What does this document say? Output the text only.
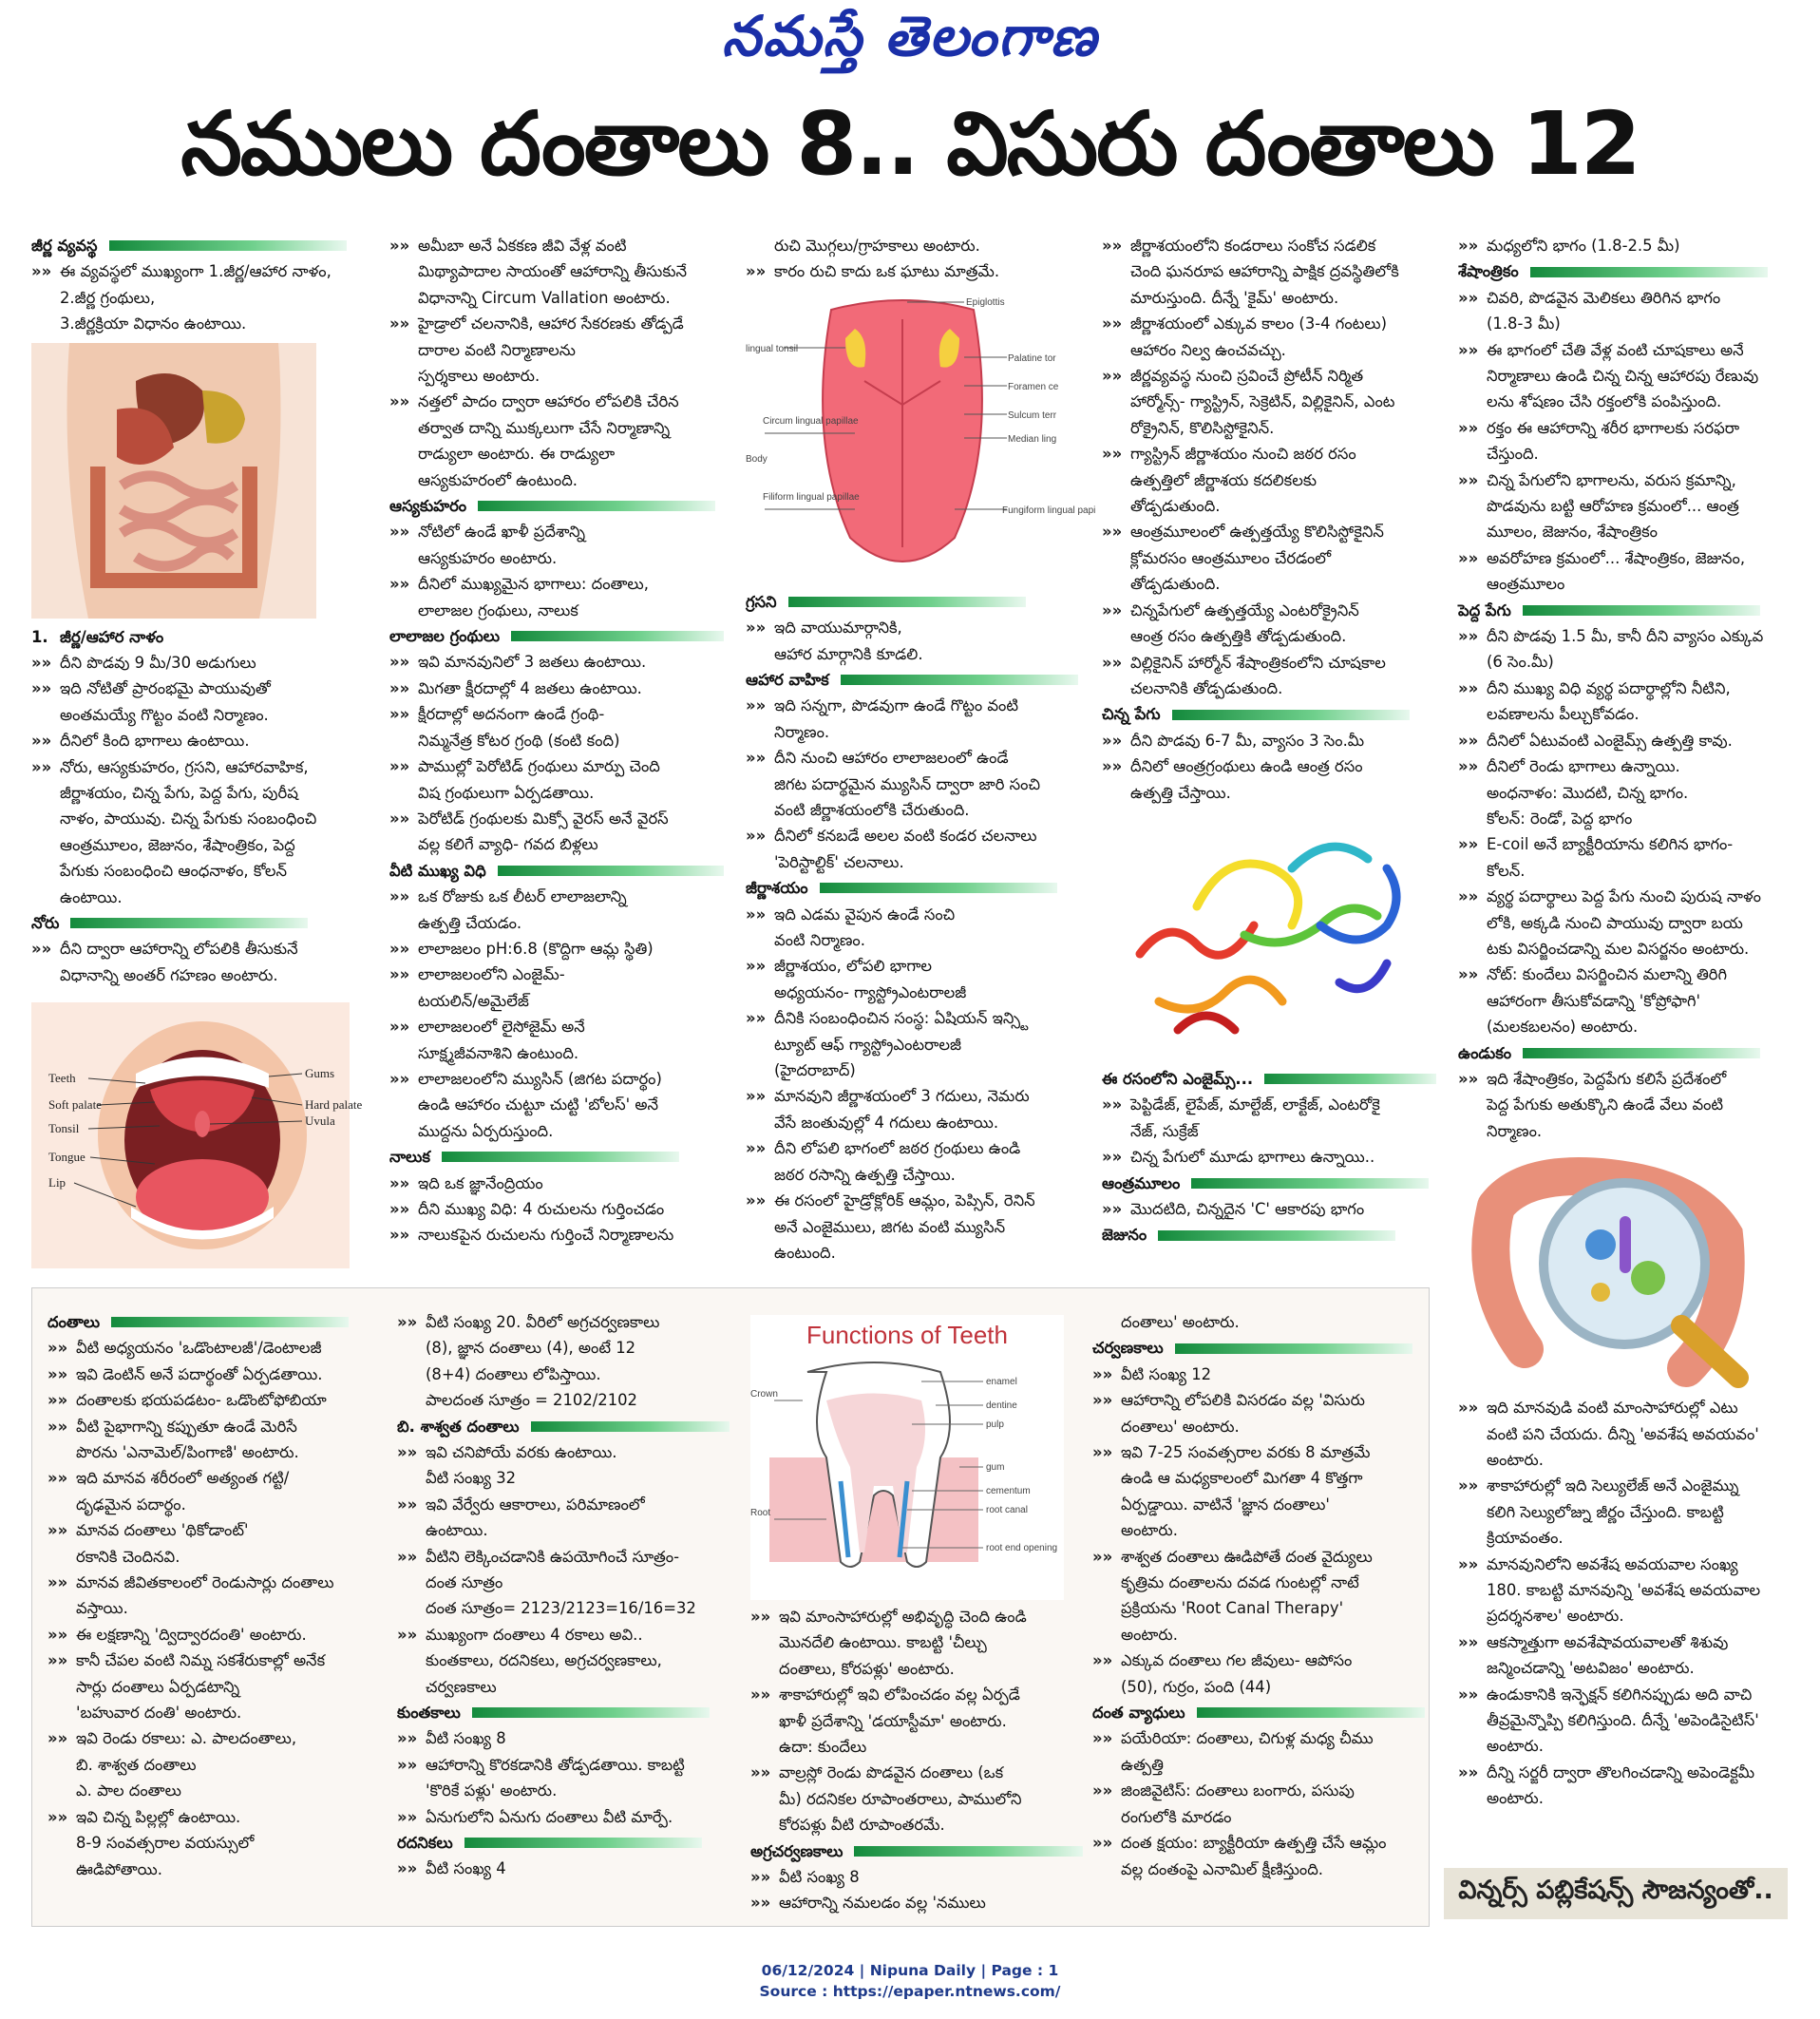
నమస్తే తెలంగాణ
నములు దంతాలు 8.. విసురు దంతాలు 12

జీర్ణ వ్యవస్థ

»» ఈ వ్యవస్థలో ముఖ్యంగా 1.జీర్ణ/ఆహార నాళం,

2.జీర్ణ గ్రంథులు,

3.జీర్ణక్రియా విధానం ఉంటాయి.

1. జీర్ణ/ఆహార నాళం

»» దీని పొడవు 9 మీ/30 అడుగులు

»» ఇది నోటితో ప్రారంభమై పాయువుతో

అంతమయ్యే గొట్టం వంటి నిర్మాణం.

»» దీనిలో కింది భాగాలు ఉంటాయి.

»» నోరు, ఆస్యకుహరం, గ్రసని, ఆహారవాహిక,

జీర్ణాశయం, చిన్న పేగు, పెద్ద పేగు, పురీష

నాళం, పాయువు. చిన్న పేగుకు సంబంధించి

ఆంత్రమూలం, జెజునం, శేషాంత్రికం, పెద్ద

పేగుకు సంబంధించి ఆంధనాళం, కోలన్

ఉంటాయి.

నోరు

»» దీని ద్వారా ఆహారాన్ని లోపలికి తీసుకునే

విధానాన్ని అంతర్ గహణం అంటారు.

»» అమీబా అనే ఏకకణ జీవి వేళ్ల వంటి

మిథ్యాపాదాల సాయంతో ఆహారాన్ని తీసుకునే

విధానాన్ని Circum Vallation అంటారు.

»» హైడ్రాలో చలనానికి, ఆహార సేకరణకు తోడ్పడే

దారాల వంటి నిర్మాణాలను

స్పర్శకాలు అంటారు.

»» నత్తలో పాదం ద్వారా ఆహారం లోపలికి చేరిన

తర్వాత దాన్ని ముక్కలుగా చేసే నిర్మాణాన్ని

రాడ్యులా అంటారు. ఈ రాడ్యులా

ఆస్యకుహరంలో ఉంటుంది.

ఆస్యకుహరం

»» నోటిలో ఉండే ఖాళీ ప్రదేశాన్ని

ఆస్యకుహరం అంటారు.

»» దీనిలో ముఖ్యమైన భాగాలు: దంతాలు,

లాలాజల గ్రంథులు, నాలుక

లాలాజల గ్రంథులు

»» ఇవి మానవునిలో 3 జతలు ఉంటాయి.

»» మిగతా క్షీరదాల్లో 4 జతలు ఉంటాయి.

»» క్షీరదాల్లో అదనంగా ఉండే గ్రంథి-

నిమ్మనేత్ర కోటర గ్రంథి (కంటి కంది)

»» పాముల్లో పెరోటిడ్ గ్రంథులు మార్పు చెంది

విష గ్రంథులుగా ఏర్పడతాయి.

»» పెరోటిడ్ గ్రంథులకు మిక్సో వైరస్ అనే వైరస్

వల్ల కలిగే వ్యాధి- గవద బిళ్లలు

వీటి ముఖ్య విధి

»» ఒక రోజుకు ఒక లీటర్ లాలాజలాన్ని

ఉత్పత్తి చేయడం.

»» లాలాజలం pH:6.8 (కొద్దిగా ఆమ్ల స్థితి)

»» లాలాజలంలోని ఎంజైమ్-

టయలిన్/అమైలేజ్

»» లాలాజలంలో లైసోజైమ్ అనే

సూక్ష్మజీవనాశిని ఉంటుంది.

»» లాలాజలంలోని మ్యుసిన్ (జిగట పదార్థం)

ఉండి ఆహారం చుట్టూ చుట్టి 'బోలస్' అనే

ముద్దను ఏర్పరుస్తుంది.

నాలుక

»» ఇది ఒక జ్ఞానేంద్రియం

»» దీని ముఖ్య విధి: 4 రుచులను గుర్తించడం

»» నాలుకపైన రుచులను గుర్తించే నిర్మాణాలను

రుచి మొగ్గలు/గ్రాహకాలు అంటారు.

»» కారం రుచి కాదు ఒక ఘాటు మాత్రమే.

Epiglottis
lingual tonsil
Palatine tor
Foramen ce
Sulcum terr
Median ling
Circum lingual papillae
Body
Filiform lingual papillae
Fungiform lingual papi

గ్రసని

»» ఇది వాయుమార్గానికి,

ఆహార మార్గానికి కూడలి.

ఆహార వాహిక

»» ఇది సన్నగా, పొడవుగా ఉండే గొట్టం వంటి

నిర్మాణం.

»» దీని నుంచి ఆహారం లాలాజలంలో ఉండే

జిగట పదార్థమైన మ్యుసిన్ ద్వారా జారి సంచి

వంటి జీర్ణాశయంలోకి చేరుతుంది.

»» దీనిలో కనబడే అలల వంటి కండర చలనాలు

'పెరిస్టాల్టిక్' చలనాలు.

జీర్ణాశయం

»» ఇది ఎడమ వైపున ఉండే సంచి

వంటి నిర్మాణం.

»» జీర్ణాశయం, లోపలి భాగాల

అధ్యయనం- గ్యాస్ట్రోఎంటరాలజీ

»» దీనికి సంబంధించిన సంస్థ: ఏషియన్ ఇన్స్టి

ట్యూట్ ఆఫ్ గ్యాస్ట్రోఎంటరాలజీ

(హైదరాబాద్)

»» మానవుని జీర్ణాశయంలో 3 గదులు, నెమరు

వేసే జంతువుల్లో 4 గదులు ఉంటాయి.

»» దీని లోపలి భాగంలో జఠర గ్రంథులు ఉండి

జఠర రసాన్ని ఉత్పత్తి చేస్తాయి.

»» ఈ రసంలో హైడ్రోక్లోరిక్ ఆమ్లం, పెప్సిన్, రెనిన్

అనే ఎంజైములు, జిగట వంటి మ్యుసిన్

ఉంటుంది.

»» జీర్ణాశయంలోని కండరాలు సంకోచ సడలిక

చెంది ఘనరూప ఆహారాన్ని పాక్షిక ద్రవస్థితిలోకి

మారుస్తుంది. దీన్నే 'కైమ్' అంటారు.

»» జీర్ణాశయంలో ఎక్కువ కాలం (3-4 గంటలు)

ఆహారం నిల్వ ఉంచవచ్చు.

»» జీర్ణవ్యవస్థ నుంచి స్రవించే ప్రోటీన్ నిర్మిత

హార్మోన్స్- గ్యాస్ట్రిన్, సెక్రెటిన్, విల్లికైనిన్, ఎంట

రోక్రైనిన్, కొలిసిస్టోకైనిన్.

»» గ్యాస్ట్రిన్ జీర్ణాశయం నుంచి జఠర రసం

ఉత్పత్తిలో జీర్ణాశయ కదలికలకు

తోడ్పడుతుంది.

»» ఆంత్రమూలంలో ఉత్పత్తయ్యే కొలిసిస్టోకైనిన్

క్లోమరసం ఆంత్రమూలం చేరడంలో

తోడ్పడుతుంది.

»» చిన్నపేగులో ఉత్పత్తయ్యే ఎంటరోక్రైనిన్

ఆంత్ర రసం ఉత్పత్తికి తోడ్పడుతుంది.

»» విల్లికైనిన్ హార్మోన్ శేషాంత్రికంలోని చూషకాల

చలనానికి తోడ్పడుతుంది.

చిన్న పేగు

»» దీని పొడవు 6-7 మీ, వ్యాసం 3 సెం.మీ

»» దీనిలో ఆంత్రగ్రంథులు ఉండి ఆంత్ర రసం

ఉత్పత్తి చేస్తాయి.

ఈ రసంలోని ఎంజైమ్స్...

»» పెప్టిడేజ్, లైపేజ్, మాల్టేజ్, లాక్టేజ్, ఎంటరోకై

నేజ్, సుక్రేజ్

»» చిన్న పేగులో మూడు భాగాలు ఉన్నాయి..

ఆంత్రమూలం

»» మొదటిది, చిన్నదైన 'C' ఆకారపు భాగం

జెజునం

»» మధ్యలోని భాగం (1.8-2.5 మీ)

శేషాంత్రికం

»» చివరి, పొడవైన మెలికలు తిరిగిన భాగం

(1.8-3 మీ)

»» ఈ భాగంలో చేతి వేళ్ల వంటి చూషకాలు అనే

నిర్మాణాలు ఉండి చిన్న చిన్న ఆహారపు రేణువు

లను శోషణం చేసి రక్తంలోకి పంపిస్తుంది.

»» రక్తం ఈ ఆహారాన్ని శరీర భాగాలకు సరఫరా

చేస్తుంది.

»» చిన్న పేగులోని భాగాలను, వరుస క్రమాన్ని,

పొడవును బట్టి ఆరోహణ క్రమంలో... ఆంత్ర

మూలం, జెజునం, శేషాంత్రికం

»» అవరోహణ క్రమంలో... శేషాంత్రికం, జెజునం,

ఆంత్రమూలం

పెద్ద పేగు

»» దీని పొడవు 1.5 మీ, కానీ దీని వ్యాసం ఎక్కువ

(6 సెం.మీ)

»» దీని ముఖ్య విధి వ్యర్థ పదార్థాల్లోని నీటిని,

లవణాలను పీల్చుకోవడం.

»» దీనిలో ఏటువంటి ఎంజైమ్స్ ఉత్పత్తి కావు.

»» దీనిలో రెండు భాగాలు ఉన్నాయి.

అంధనాళం: మొదటి, చిన్న భాగం.

కోలన్: రెండో, పెద్ద భాగం

»» E-coil అనే బ్యాక్టీరియాను కలిగిన భాగం-

కోలన్.

»» వ్యర్థ పదార్థాలు పెద్ద పేగు నుంచి పురుష నాళం

లోకి, అక్కడి నుంచి పాయువు ద్వారా బయ

టకు విసర్జించడాన్ని మల విసర్జనం అంటారు.

»» నోట్: కుందేలు విసర్జించిన మలాన్ని తిరిగి

ఆహారంగా తీసుకోవడాన్ని 'కోప్రోఫాగి'

(మలకబలనం) అంటారు.

ఉండుకం

»» ఇది శేషాంత్రికం, పెద్దపేగు కలిసే ప్రదేశంలో

పెద్ద పేగుకు అతుక్కొని ఉండే వేలు వంటి

నిర్మాణం.

»» ఇది మానవుడి వంటి మాంసాహారుల్లో ఎటు

వంటి పని చేయదు. దీన్ని 'అవశేష అవయవం'

అంటారు.

»» శాకాహారుల్లో ఇది సెల్యులేజ్ అనే ఎంజైమ్ను

కలిగి సెల్యులోజ్ను జీర్ణం చేస్తుంది. కాబట్టి

క్రియావంతం.

»» మానవునిలోని అవశేష అవయవాల సంఖ్య

180. కాబట్టి మానవున్ని 'అవశేష అవయవాల

ప్రదర్శనశాల' అంటారు.

»» ఆకస్మాత్తుగా అవశేషావయవాలతో శిశువు

జన్మించడాన్ని 'అటవిజం' అంటారు.

»» ఉండుకానికి ఇన్ఫెక్షన్ కలిగినప్పుడు అది వాచి

తీవ్రమైన్నొప్పి కలిగిస్తుంది. దీన్నే 'అపెండిసైటిస్'

అంటారు.

»» దీన్ని సర్జరీ ద్వారా తొలగించడాన్ని అపెండెక్టమీ

అంటారు.

దంతాలు

»» వీటి అధ్యయనం 'ఒడొంటాలజీ'/డెంటాలజీ

»» ఇవి డెంటిన్ అనే పదార్థంతో ఏర్పడతాయి.

»» దంతాలకు భయపడటం- ఒడొంటోఫోబియా

»» వీటి పైభాగాన్ని కప్పుతూ ఉండే మెరిసే

పొరను 'ఎనామెల్/పింగాణి' అంటారు.

»» ఇది మానవ శరీరంలో అత్యంత గట్టి/

దృఢమైన పదార్థం.

»» మానవ దంతాలు 'థికోడాంట్'

రకానికి చెందినవి.

»» మానవ జీవితకాలంలో రెండుసార్లు దంతాలు

వస్తాయి.

»» ఈ లక్షణాన్ని 'ద్విద్వారదంతి' అంటారు.

»» కానీ చేపల వంటి నిమ్న సకశేరుకాల్లో అనేక

సార్లు దంతాలు ఏర్పడటాన్ని

'బహువార దంతి' అంటారు.

»» ఇవి రెండు రకాలు: ఎ. పాలదంతాలు,

బి. శాశ్వత దంతాలు

ఎ. పాల దంతాలు

»» ఇవి చిన్న పిల్లల్లో ఉంటాయి.

8-9 సంవత్సరాల వయస్సులో

ఊడిపోతాయి.

»» వీటి సంఖ్య 20. వీరిలో అగ్రచర్వణకాలు

(8), జ్ఞాన దంతాలు (4), అంటే 12

(8+4) దంతాలు లోపిస్తాయి.

పాలదంత సూత్రం = 2102/2102

బి. శాశ్వత దంతాలు

»» ఇవి చనిపోయే వరకు ఉంటాయి.

వీటి సంఖ్య 32

»» ఇవి వేర్వేరు ఆకారాలు, పరిమాణంలో

ఉంటాయి.

»» వీటిని లెక్కించడానికి ఉపయోగించే సూత్రం-

దంత సూత్రం

దంత సూత్రం= 2123/2123=16/16=32

»» ముఖ్యంగా దంతాలు 4 రకాలు అవి..

కుంతకాలు, రదనికలు, అగ్రచర్వణకాలు,

చర్వణకాలు

కుంతకాలు

»» వీటి సంఖ్య 8

»» ఆహారాన్ని కొరకడానికి తోడ్పడతాయి. కాబట్టి

'కొరికే పళ్లు' అంటారు.

»» ఏనుగులోని ఏనుగు దంతాలు వీటి మార్పే.

రదనికలు

»» వీటి సంఖ్య 4

Functions of Teeth
enamel
dentine
pulp
gum
cementum
root canal
root end opening
Crown
Root

»» ఇవి మాంసాహారుల్లో అభివృద్ధి చెంది ఉండి

మొనదేలి ఉంటాయి. కాబట్టి 'చీల్చు

దంతాలు, కోరపళ్లు' అంటారు.

»» శాకాహారుల్లో ఇవి లోపించడం వల్ల ఏర్పడే

ఖాళీ ప్రదేశాన్ని 'డయాస్టీమా' అంటారు.

ఉదా: కుందేలు

»» వాల్రస్లో రెండు పొడవైన దంతాలు (ఒక

మీ) రదనికల రూపాంతరాలు, పాములోని

కోరపళ్లు వీటి రూపాంతరమే.

అగ్రచర్వణకాలు

»» వీటి సంఖ్య 8

»» ఆహారాన్ని నమలడం వల్ల 'నములు

దంతాలు' అంటారు.

చర్వణకాలు

»» వీటి సంఖ్య 12

»» ఆహారాన్ని లోపలికి విసరడం వల్ల 'విసురు

దంతాలు' అంటారు.

»» ఇవి 7-25 సంవత్సరాల వరకు 8 మాత్రమే

ఉండి ఆ మధ్యకాలంలో మిగతా 4 కొత్తగా

ఏర్పడ్డాయి. వాటినే 'జ్ఞాన దంతాలు'

అంటారు.

»» శాశ్వత దంతాలు ఊడిపోతే దంత వైద్యులు

కృత్రిమ దంతాలను దవడ గుంటల్లో నాటే

ప్రక్రియను 'Root Canal Therapy'

అంటారు.

»» ఎక్కువ దంతాలు గల జీవులు- ఆపోసం

(50), గుర్రం, పంది (44)

దంత వ్యాధులు

»» పయేరియా: దంతాలు, చిగుళ్ల మధ్య చీము

ఉత్పత్తి

»» జింజివైటిస్: దంతాలు బంగారు, పసుపు

రంగులోకి మారడం

»» దంత క్షయం: బ్యాక్టీరియా ఉత్పత్తి చేసే ఆమ్లం

వల్ల దంతంపై ఎనామిల్ క్షీణిస్తుంది.

విన్నర్స్ పబ్లికేషన్స్ సౌజన్యంతో..
06/12/2024 | Nipuna Daily | Page : 1
Source : https://epaper.ntnews.com/
Teeth
Soft palate
Tonsil
Tongue
Lip
Gums
Hard palate
Uvula
